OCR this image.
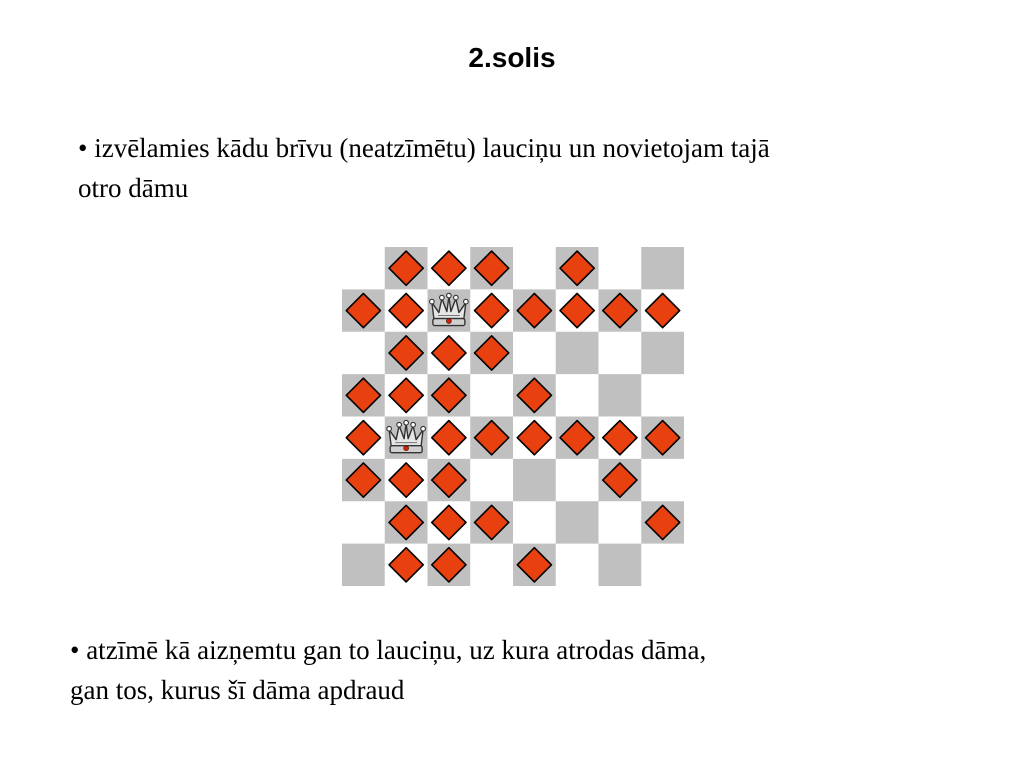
2.solis
• izvēlamies kādu brīvu (neatzīmētu) lauciņu un novietojam tajā
otro dāmu
• atzīmē kā aizņemtu gan to lauciņu, uz kura atrodas dāma,
gan tos, kurus šī dāma apdraud
